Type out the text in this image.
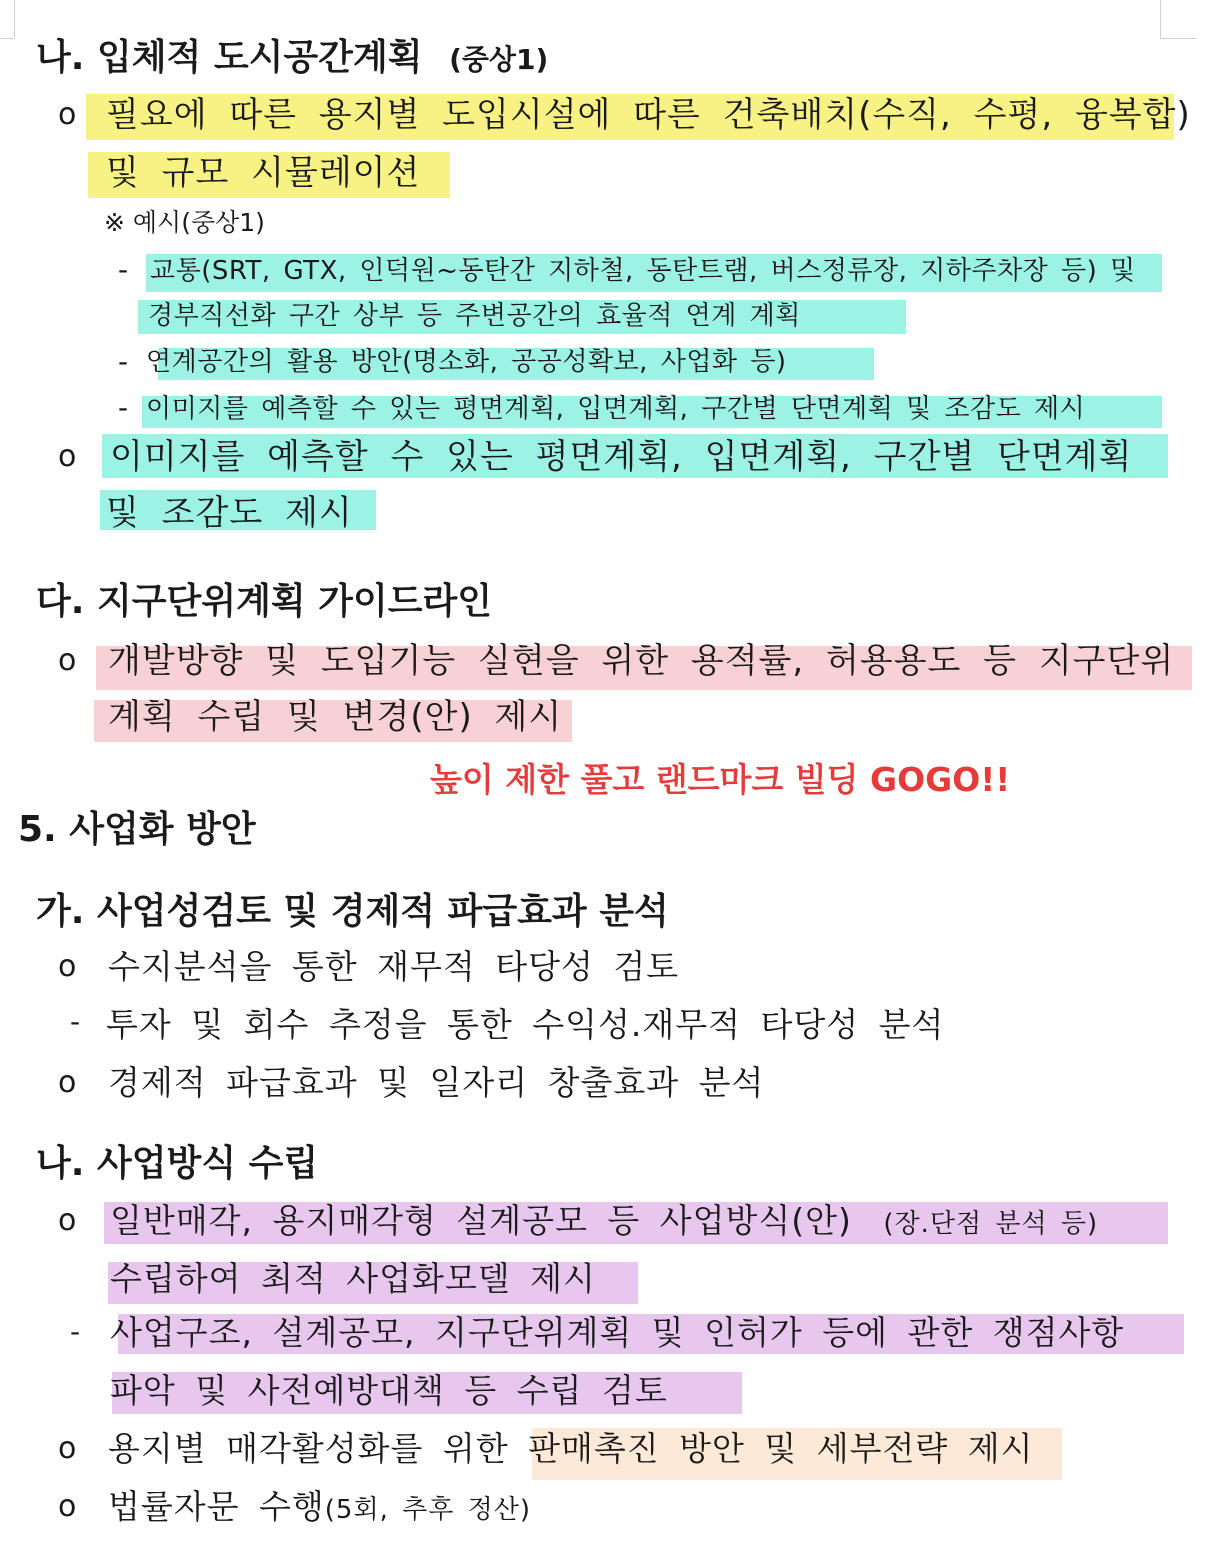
나. 입체적 도시공간계획 (중상1)
o 필요에 따른 용지별 도입시설에 따른 건축배치(수직, 수평, 융복합)
및 규모 시뮬레이션
※ 예시(중상1)
- 교통(SRT, GTX, 인덕원~동탄간 지하철, 동탄트램, 버스정류장, 지하주차장 등) 및
경부직선화 구간 상부 등 주변공간의 효율적 연계 계획
- 연계공간의 활용 방안(명소화, 공공성확보, 사업화 등)
- 이미지를 예측할 수 있는 평면계획, 입면계획, 구간별 단면계획 및 조감도 제시
o 이미지를 예측할 수 있는 평면계획, 입면계획, 구간별 단면계획
및 조감도 제시
다. 지구단위계획 가이드라인
o 개발방향 및 도입기능 실현을 위한 용적률, 허용용도 등 지구단위
계획 수립 및 변경(안) 제시
높이 제한 풀고 랜드마크 빌딩 GOGO!!
5. 사업화 방안
가. 사업성검토 및 경제적 파급효과 분석
o 수지분석을 통한 재무적 타당성 검토
- 투자 및 회수 추정을 통한 수익성.재무적 타당성 분석
o 경제적 파급효과 및 일자리 창출효과 분석
나. 사업방식 수립
o 일반매각, 용지매각형 설계공모 등 사업방식(안) (장.단점 분석 등)
수립하여 최적 사업화모델 제시
- 사업구조, 설계공모, 지구단위계획 및 인허가 등에 관한 쟁점사항
파악 및 사전예방대책 등 수립 검토
o 용지별 매각활성화를 위한 판매촉진 방안 및 세부전략 제시
o 법률자문 수행(5회, 추후 정산)
